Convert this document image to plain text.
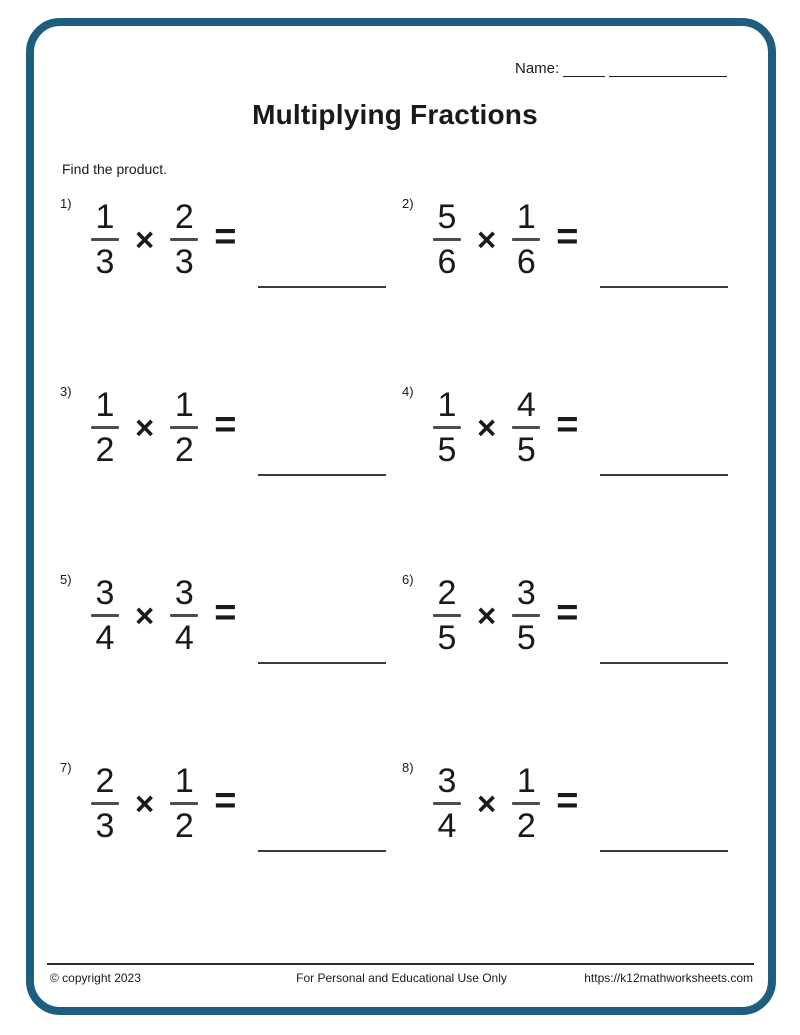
Name:
Multiplying Fractions
Find the product.
$1) \frac{1}{3} \times \frac{2}{3}$ =
$2) \frac{5}{6} \times \frac{1}{6}$ =
$3) \frac{1}{2} \times \frac{1}{2}$ =
$4) \frac{1}{5} \times \frac{4}{5}$ =
$5) \frac{3}{4} \times \frac{3}{4}$ =
$6) \frac{2}{5} \times \frac{3}{5}$ =
$7) \frac{2}{3} \times \frac{1}{2}$ =
$8) \frac{3}{4} \times \frac{1}{2}$ =
© copyright 2023	For Personal and Educational Use Only	https://k12mathworksheets.com
